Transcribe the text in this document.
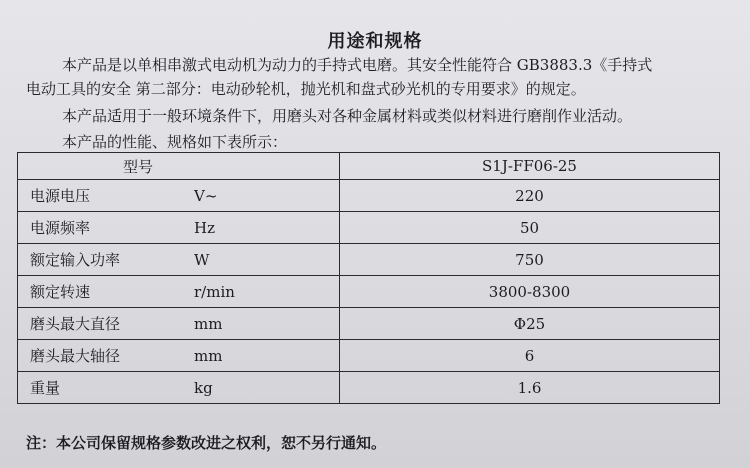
用途和规格
本产品是以单相串激式电动机为动力的手持式电磨。其安全性能符合 GB3883.3《手持式
电动工具的安全 第二部分：电动砂轮机，抛光机和盘式砂光机的专用要求》的规定。
本产品适用于一般环境条件下，用磨头对各种金属材料或类似材料进行磨削作业活动。
本产品的性能、规格如下表所示：
型号		S1J-FF06-25
电源电压	V~	220
电源频率	Hz	50
额定输入功率	W	750
额定转速	r/min	3800-8300
磨头最大直径	mm	Φ25
磨头最大轴径	mm	6
重量	kg	1.6
注：本公司保留规格参数改进之权利，恕不另行通知。
